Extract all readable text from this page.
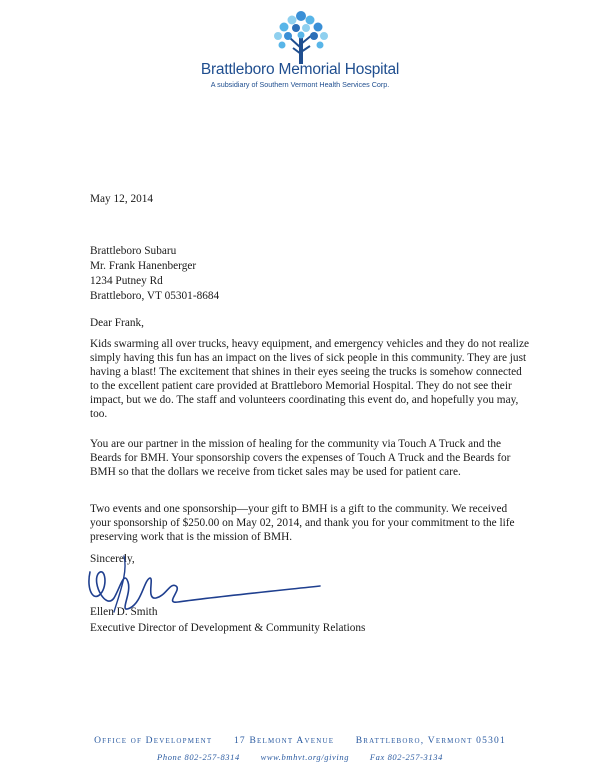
Brattleboro Memorial Hospital
A subsidiary of Southern Vermont Health Services Corp.
May 12, 2014
Brattleboro Subaru
Mr. Frank Hanenberger
1234 Putney Rd
Brattleboro, VT 05301-8684
Dear Frank,
Kids swarming all over trucks, heavy equipment, and emergency vehicles and they do not realize simply having this fun has an impact on the lives of sick people in this community. They are just having a blast! The excitement that shines in their eyes seeing the trucks is somehow connected to the excellent patient care provided at Brattleboro Memorial Hospital. They do not see their impact, but we do. The staff and volunteers coordinating this event do, and hopefully you may, too.
You are our partner in the mission of healing for the community via Touch A Truck and the Beards for BMH. Your sponsorship covers the expenses of Touch A Truck and the Beards for BMH so that the dollars we receive from ticket sales may be used for patient care.
Two events and one sponsorship—your gift to BMH is a gift to the community. We received your sponsorship of $250.00 on May 02, 2014, and thank you for your commitment to the life preserving work that is the mission of BMH.
Sincerely,
Ellen D. Smith
Executive Director of Development & Community Relations
Office of Development 17 Belmont Avenue Brattleboro, Vermont 05301
Phone 802-257-8314 www.bmhvt.org/giving Fax 802-257-3134
